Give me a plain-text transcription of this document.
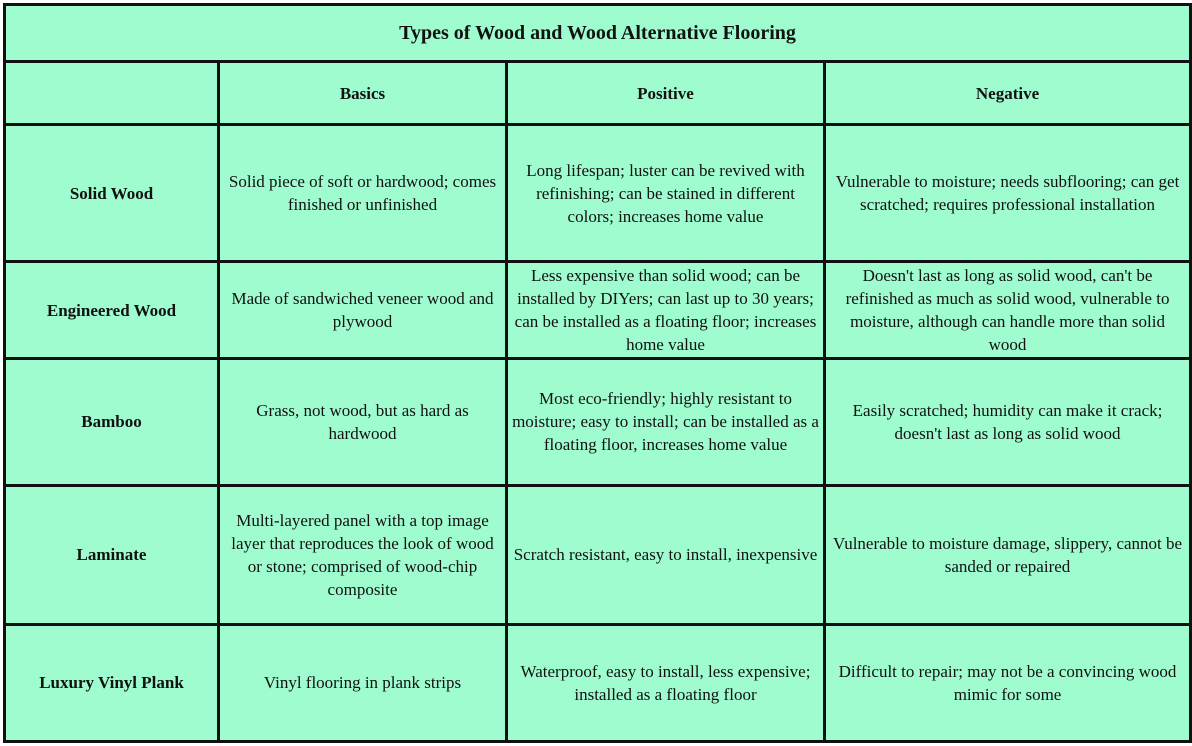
Types of Wood and Wood Alternative Flooring			
	Basics	Positive	Negative
Solid Wood	Solid piece of soft or hardwood; comes finished or unfinished	Long lifespan; luster can be revived with refinishing; can be stained in different colors; increases home value	Vulnerable to moisture; needs subflooring; can get scratched; requires professional installation
Engineered Wood	Made of sandwiched veneer wood and plywood	Less expensive than solid wood; can be installed by DIYers; can last up to 30 years; can be installed as a floating floor; increases home value	Doesn't last as long as solid wood, can't be refinished as much as solid wood, vulnerable to moisture, although can handle more than solid wood
Bamboo	Grass, not wood, but as hard as hardwood	Most eco-friendly; highly resistant to moisture; easy to install; can be installed as a floating floor, increases home value	Easily scratched; humidity can make it crack; doesn't last as long as solid wood
Laminate	Multi-layered panel with a top image layer that reproduces the look of wood or stone; comprised of wood-chip composite	Scratch resistant, easy to install, inexpensive	Vulnerable to moisture damage, slippery, cannot be sanded or repaired
Luxury Vinyl Plank	Vinyl flooring in plank strips	Waterproof, easy to install, less expensive; installed as a floating floor	Difficult to repair; may not be a convincing wood mimic for some
